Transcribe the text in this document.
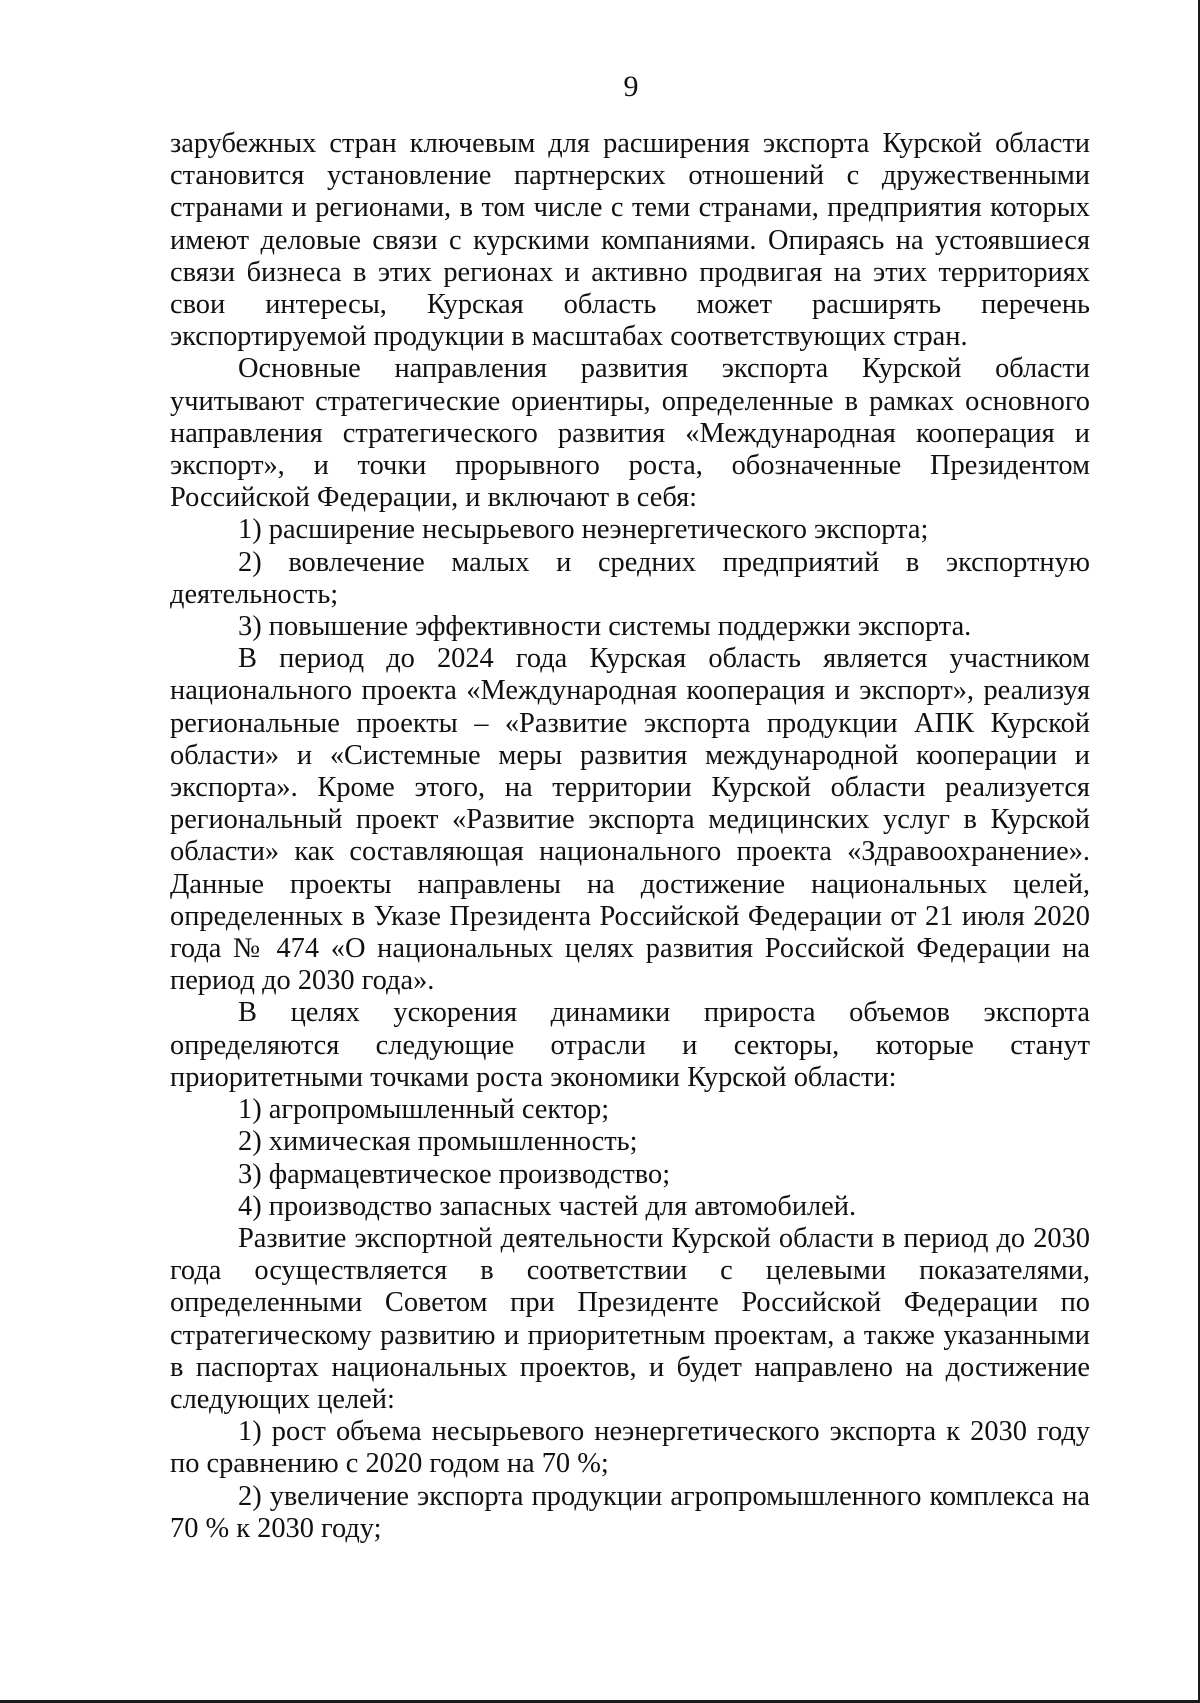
9

зарубежных стран ключевым для расширения экспорта Курской области становится установление партнерских отношений с дружественными странами и регионами, в том числе с теми странами, предприятия которых имеют деловые связи с курскими компаниями. Опираясь на устоявшиеся связи бизнеса в этих регионах и активно продвигая на этих территориях свои интересы, Курская область может расширять перечень экспортируемой продукции в масштабах соответствующих стран.

Основные направления развития экспорта Курской области учитывают стратегические ориентиры, определенные в рамках основного направления стратегического развития «Международная кооперация и экспорт», и точки прорывного роста, обозначенные Президентом Российской Федерации, и включают в себя:

1) расширение несырьевого неэнергетического экспорта;

2) вовлечение малых и средних предприятий в экспортную деятельность;

3) повышение эффективности системы поддержки экспорта.

В период до 2024 года Курская область является участником национального проекта «Международная кооперация и экспорт», реализуя региональные проекты – «Развитие экспорта продукции АПК Курской области» и «Системные меры развития международной кооперации и экспорта». Кроме этого, на территории Курской области реализуется региональный проект «Развитие экспорта медицинских услуг в Курской области» как составляющая национального проекта «Здравоохранение». Данные проекты направлены на достижение национальных целей, определенных в Указе Президента Российской Федерации от 21 июля 2020 года № 474 «О национальных целях развития Российской Федерации на период до 2030 года».

В целях ускорения динамики прироста объемов экспорта определяются следующие отрасли и секторы, которые станут приоритетными точками роста экономики Курской области:

1) агропромышленный сектор;

2) химическая промышленность;

3) фармацевтическое производство;

4) производство запасных частей для автомобилей.

Развитие экспортной деятельности Курской области в период до 2030 года осуществляется в соответствии с целевыми показателями, определенными Советом при Президенте Российской Федерации по стратегическому развитию и приоритетным проектам, а также указанными в паспортах национальных проектов, и будет направлено на достижение следующих целей:

1) рост объема несырьевого неэнергетического экспорта к 2030 году по сравнению с 2020 годом на 70 %;

2) увеличение экспорта продукции агропромышленного комплекса на 70 % к 2030 году;
